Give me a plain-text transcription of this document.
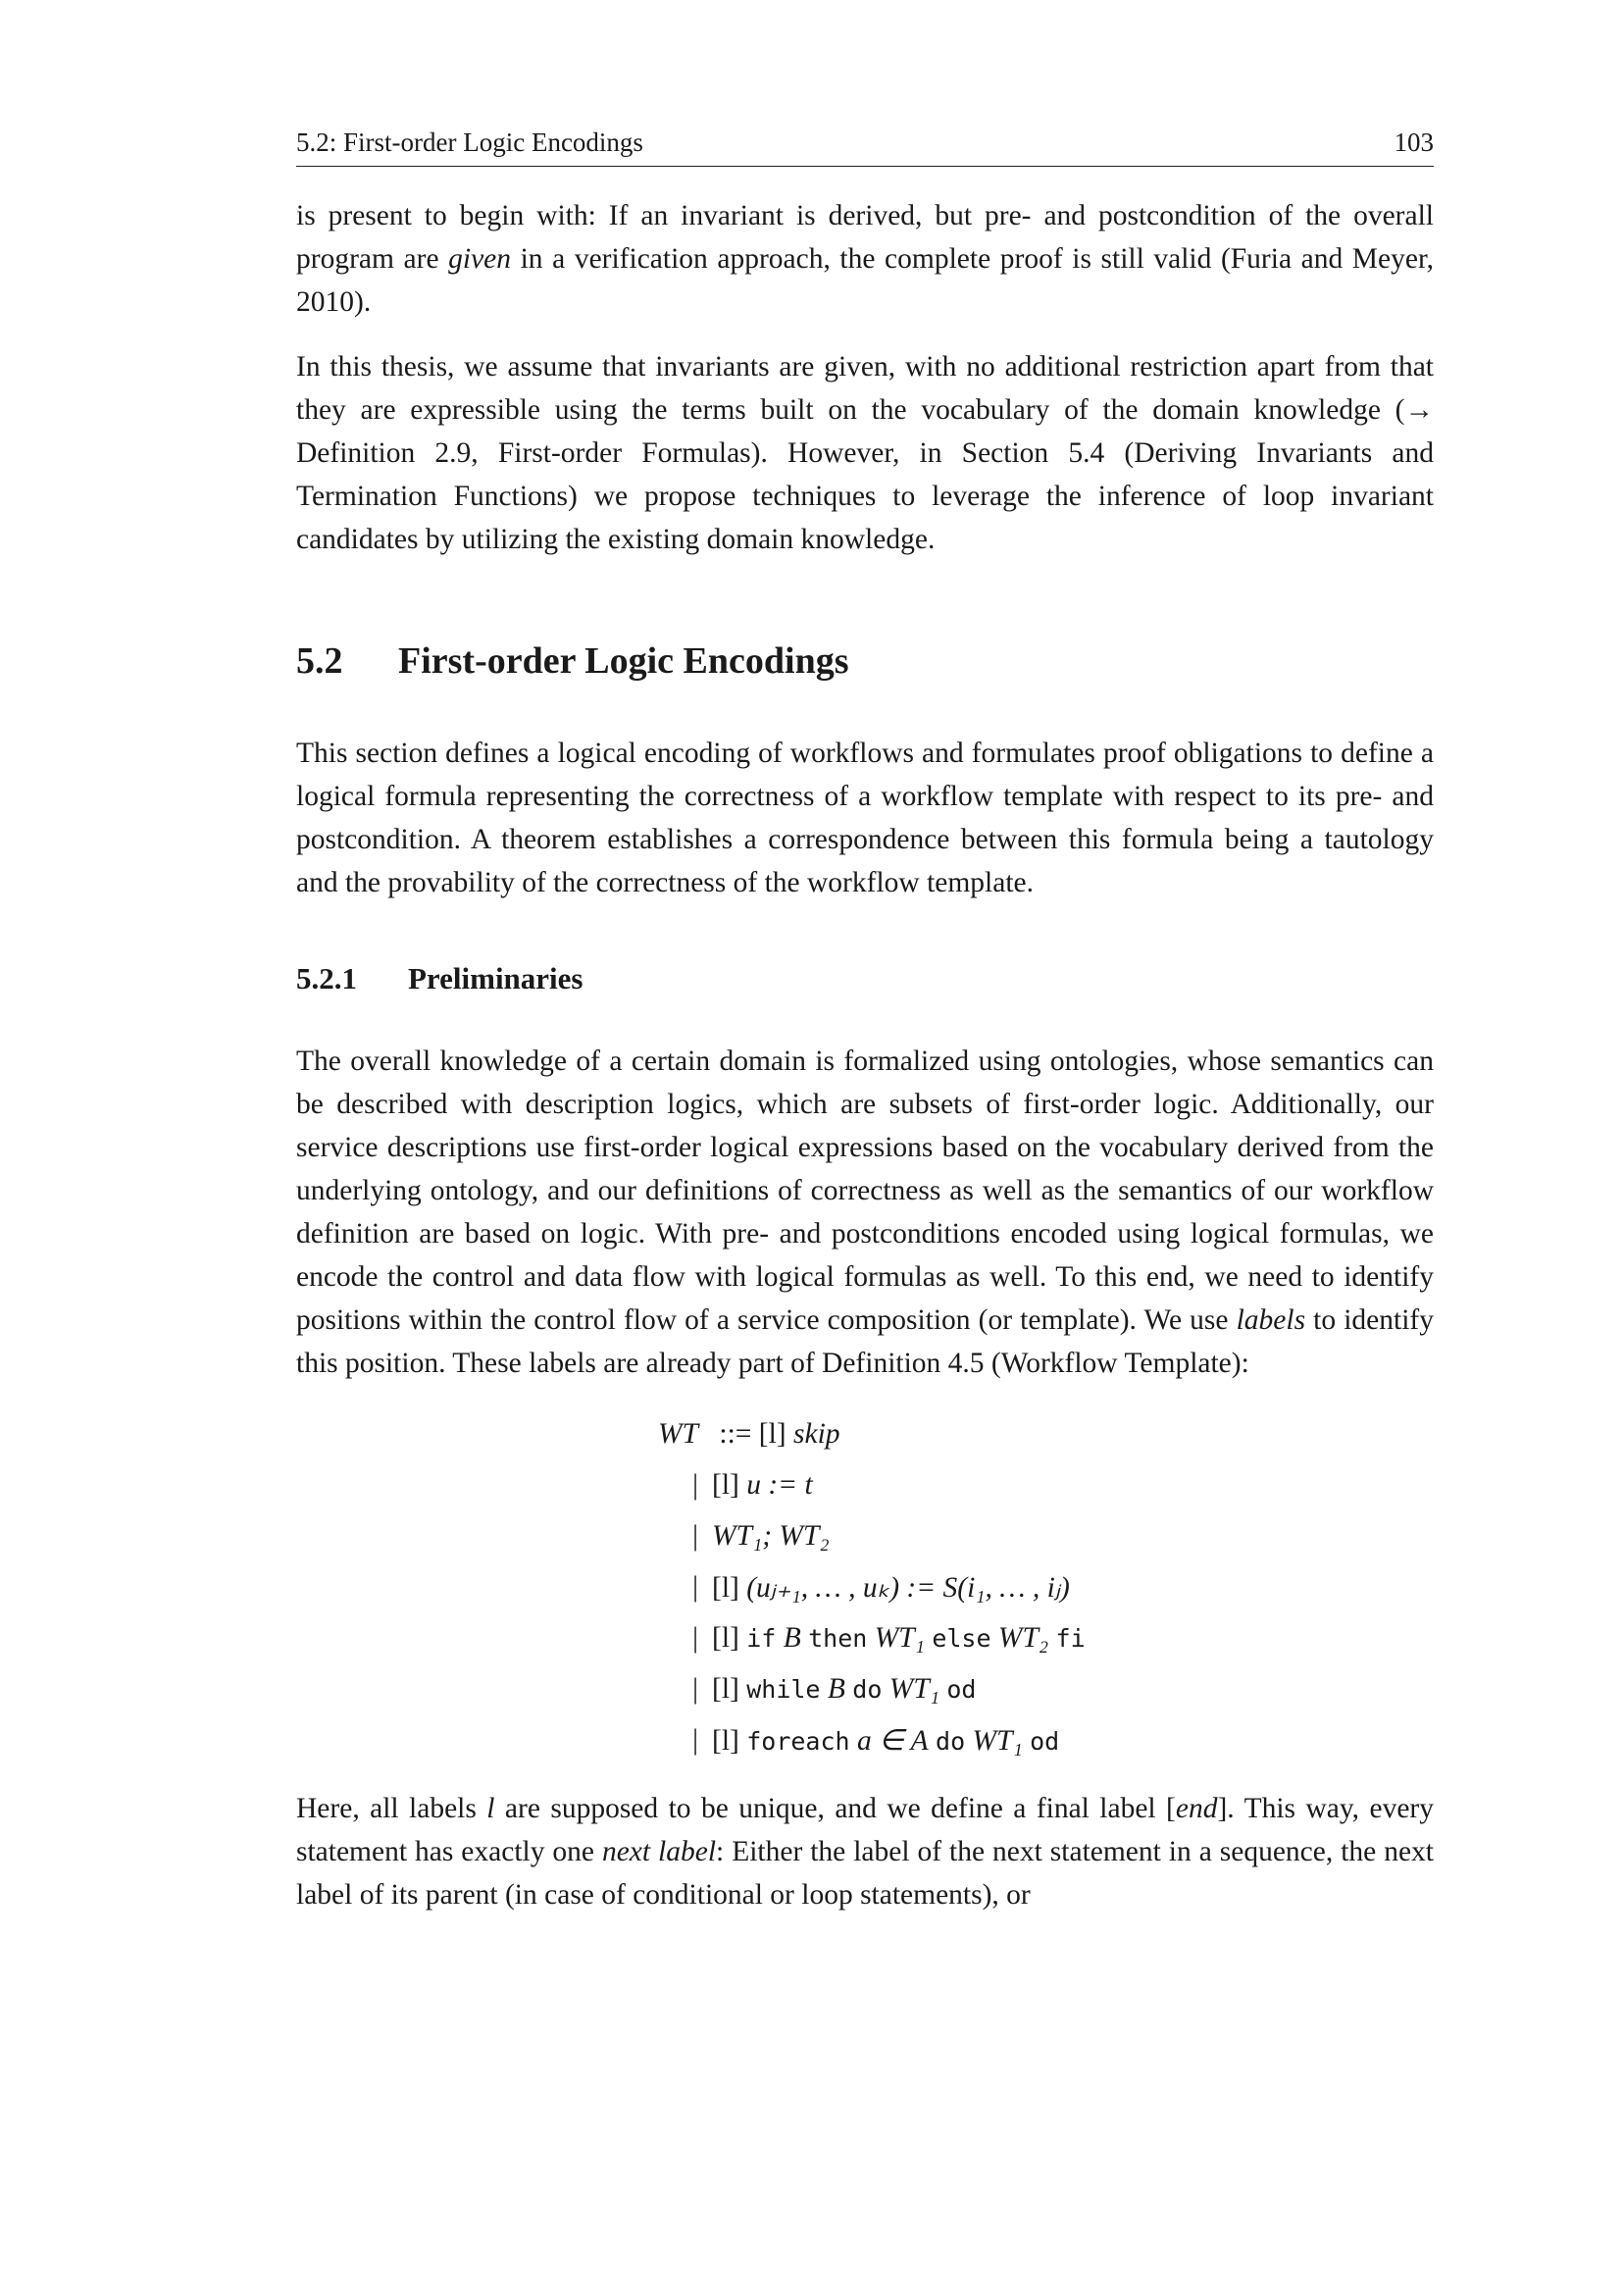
5.2: First-order Logic Encodings	103

is present to begin with: If an invariant is derived, but pre- and postcondition of the overall program are given in a verification approach, the complete proof is still valid (Furia and Meyer, 2010).

In this thesis, we assume that invariants are given, with no additional restriction apart from that they are expressible using the terms built on the vocabulary of the domain knowledge (→ Definition 2.9, First-order Formulas). However, in Section 5.4 (Deriving Invariants and Termination Functions) we propose techniques to leverage the inference of loop invariant candidates by utilizing the existing domain knowledge.

5.2	First-order Logic Encodings

This section defines a logical encoding of workflows and formulates proof obligations to define a logical formula representing the correctness of a workflow template with respect to its pre- and postcondition. A theorem establishes a correspondence between this formula being a tautology and the provability of the correctness of the workflow template.

5.2.1	Preliminaries

The overall knowledge of a certain domain is formalized using ontologies, whose semantics can be described with description logics, which are subsets of first-order logic. Additionally, our service descriptions use first-order logical expressions based on the vocabulary derived from the underlying ontology, and our definitions of correctness as well as the semantics of our workflow definition are based on logic. With pre- and postconditions encoded using logical formulas, we encode the control and data flow with logical formulas as well. To this end, we need to identify positions within the control flow of a service composition (or template). We use labels to identify this position. These labels are already part of Definition 4.5 (Workflow Template):

WT ::= [l] skip
| [l] u := t
| WT₁; WT₂
| [l] (uⱼ₊₁, … , uₖ) := S(i₁, … , iⱼ)
| [l] if B then WT₁ else WT₂ fi
| [l] while B do WT₁ od
| [l] foreach a ∈ A do WT₁ od

Here, all labels l are supposed to be unique, and we define a final label [end]. This way, every statement has exactly one next label: Either the label of the next statement in a sequence, the next label of its parent (in case of conditional or loop statements), or
